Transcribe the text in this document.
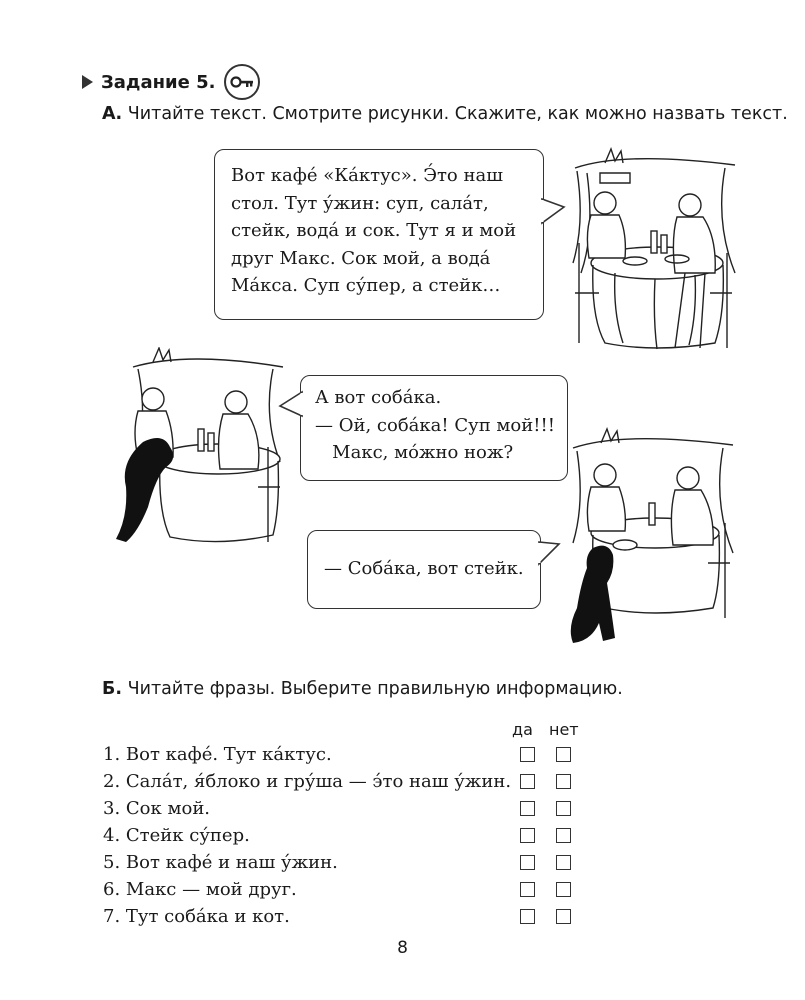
Задание 5.
А. Читайте текст. Смотрите рисунки. Скажите, как можно назвать текст.
Вот кафе́ «Ка́ктус». Э́то наш
стол. Тут у́жин: суп, сала́т,
стейк, вода́ и сок. Тут я и мой
друг Макс. Сок мой, а вода́
Ма́кса. Суп су́пер, а стейк…
А вот соба́ка.
— Ой, соба́ка! Суп мой!!!
Макс, мо́жно нож?
— Соба́ка, вот стейк.
Б. Читайте фразы. Выберите правильную информацию.
да нет
1. Вот кафе́. Тут ка́ктус.
2. Сала́т, я́блоко и гру́ша — э́то наш у́жин.
3. Сок мой.
4. Стейк су́пер.
5. Вот кафе́ и наш у́жин.
6. Макс — мой друг.
7. Тут соба́ка и кот.
8
